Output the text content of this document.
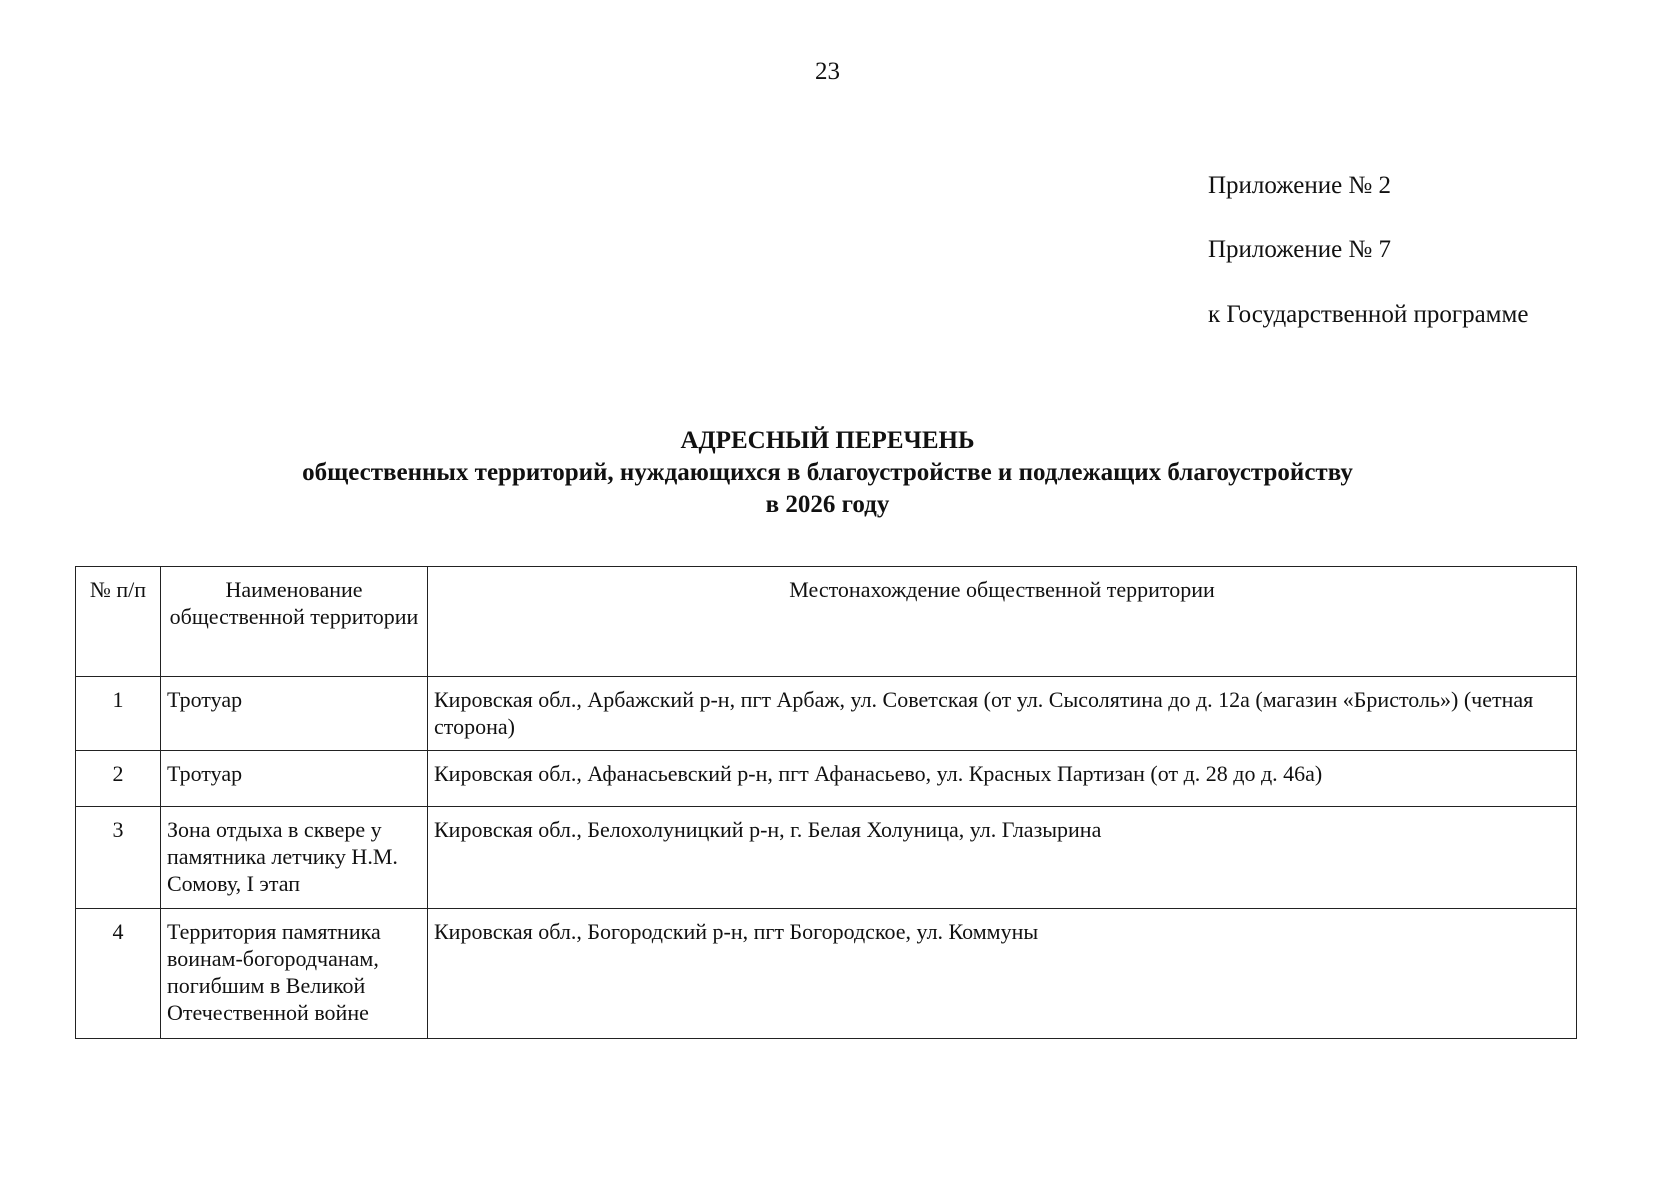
23
Приложение № 2
Приложение № 7
к Государственной программе
АДРЕСНЫЙ ПЕРЕЧЕНЬ
общественных территорий, нуждающихся в благоустройстве и подлежащих благоустройству
в 2026 году
№ п/п	Наименование общественной территории	Местонахождение общественной территории
1	Тротуар	Кировская обл., Арбажский р-н, пгт Арбаж, ул. Советская (от ул. Сысолятина до д. 12а (магазин «Бристоль») (четная сторона)
2	Тротуар	Кировская обл., Афанасьевский р-н, пгт Афанасьево, ул. Красных Партизан (от д. 28 до д. 46а)
3	Зона отдыха в сквере у памятника летчику Н.М. Сомову, I этап	Кировская обл., Белохолуницкий р-н, г. Белая Холуница, ул. Глазырина
4	Территория памятника воинам-богородчанам, погибшим в Великой Отечественной войне	Кировская обл., Богородский р-н, пгт Богородское, ул. Коммуны
